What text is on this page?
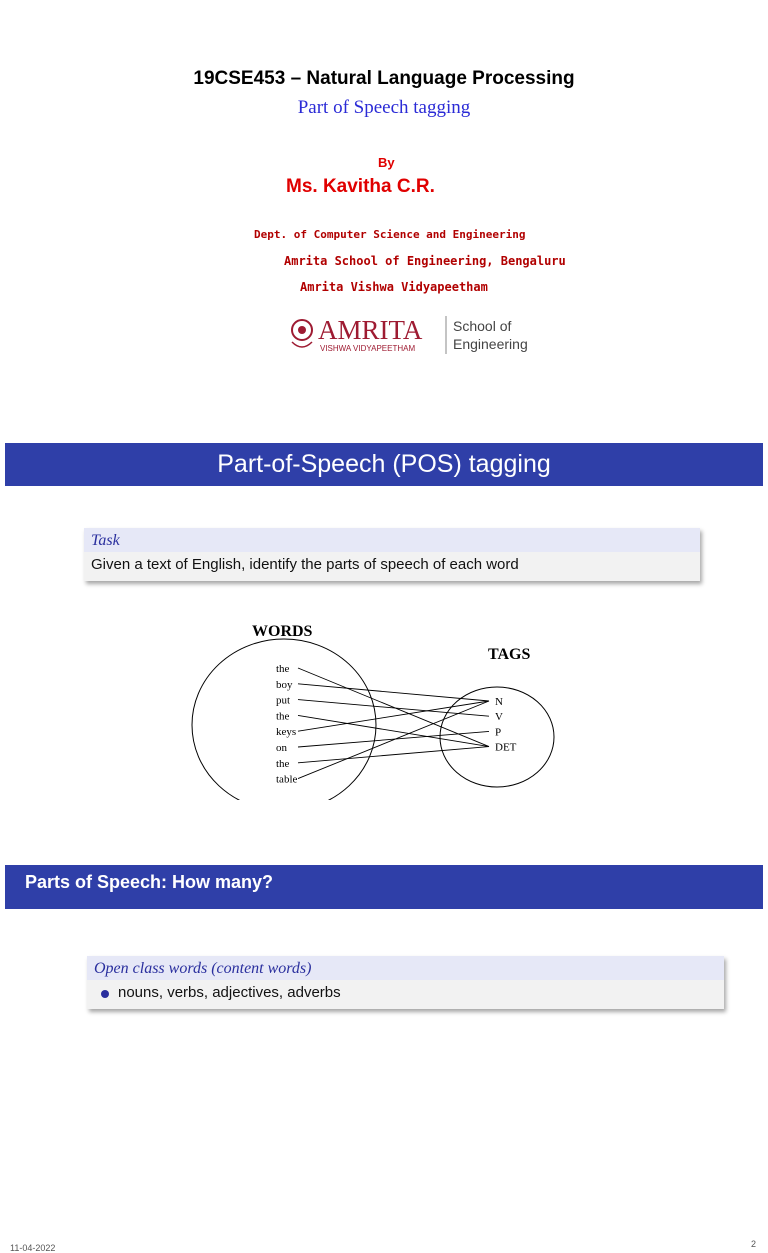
19CSE453 – Natural Language Processing
Part of Speech tagging
By
Ms. Kavitha C.R.
Dept. of Computer Science and Engineering
Amrita School of Engineering, Bengaluru
Amrita Vishwa Vidyapeetham
AMRITA
VISHWA VIDYAPEETHAM
School of
Engineering
Part-of-Speech (POS) tagging
Task
Given a text of English, identify the parts of speech of each word
WORDS
TAGS
the
boy
put
the
keys
on
the
table
N
V
P
DET
11-04-2022	2
Parts of Speech: How many?
Open class words (content words)
nouns, verbs, adjectives, adverbs
